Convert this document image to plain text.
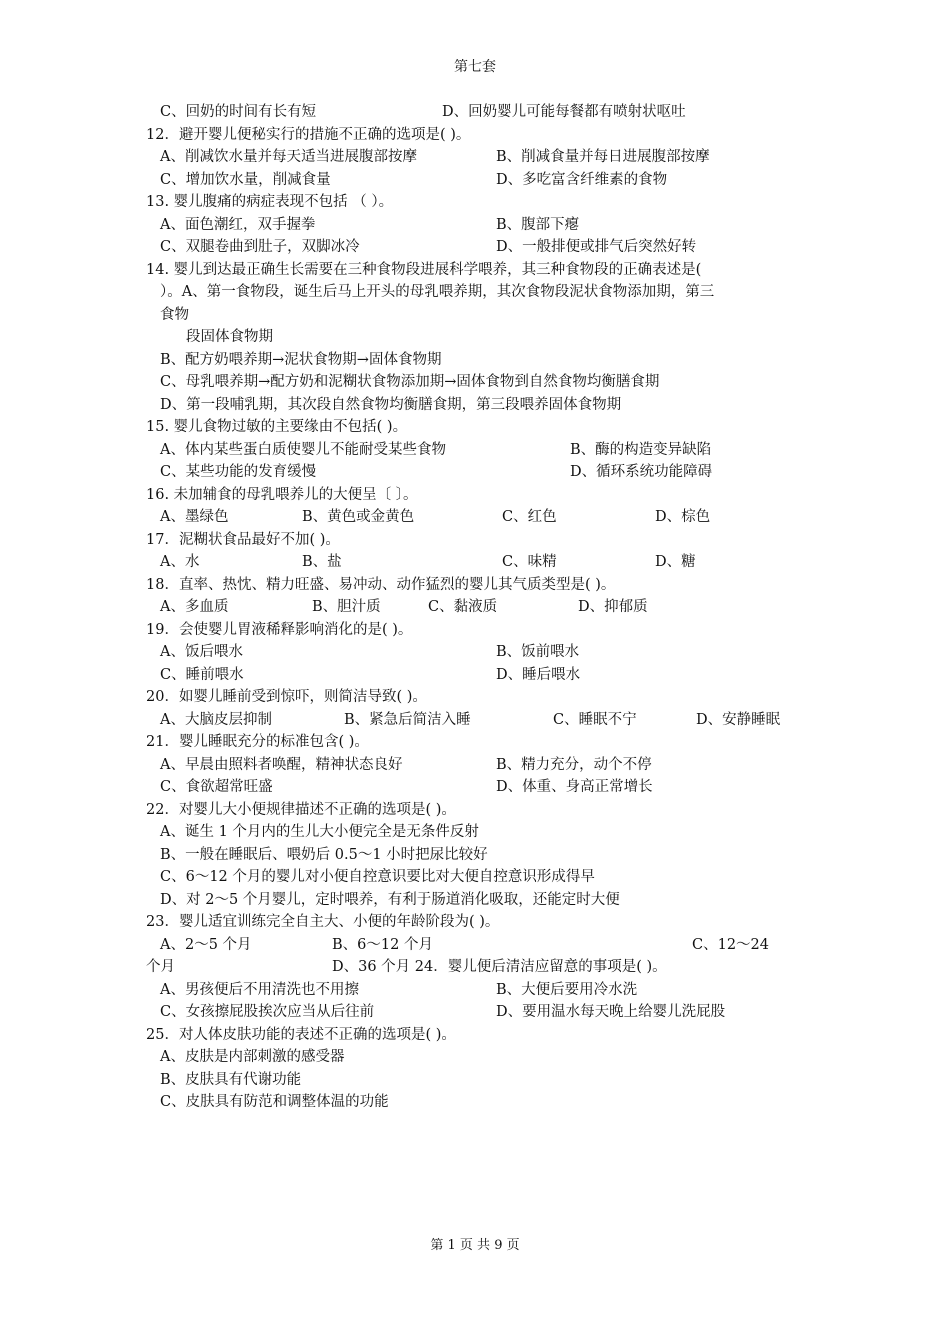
第七套
C、回奶的时间有长有短	D、回奶婴儿可能每餐都有喷射状呕吐
12．避开婴儿便秘实行的措施不正确的选项是( )。
A、削减饮水量并每天适当进展腹部按摩	B、削减食量并每日进展腹部按摩
C、增加饮水量，削减食量	D、多吃富含纤维素的食物
13. 婴儿腹痛的病症表现不包括 （ ）。
A、面色潮红，双手握拳	B、腹部下瘪
C、双腿卷曲到肚子，双脚冰冷	D、一般排便或排气后突然好转
14. 婴儿到达最正确生长需要在三种食物段进展科学喂养，其三种食物段的正确表述是(
）。A、第一食物段，诞生后马上开头的母乳喂养期，其次食物段泥状食物添加期，第三
食物
段固体食物期
B、配方奶喂养期→泥状食物期→固体食物期
C、母乳喂养期→配方奶和泥糊状食物添加期→固体食物到自然食物均衡膳食期
D、第一段哺乳期，其次段自然食物均衡膳食期，第三段喂养固体食物期
15. 婴儿食物过敏的主要缘由不包括( )。
A、体内某些蛋白质使婴儿不能耐受某些食物	B、酶的构造变异缺陷
C、某些功能的发育缓慢	D、循环系统功能障碍
16. 未加辅食的母乳喂养儿的大便呈〔 〕。
A、墨绿色	B、黄色或金黄色	C、红色	D、棕色
17．泥糊状食品最好不加( )。
A、水	B、盐	C、味精	D、糖
18．直率、热忱、精力旺盛、易冲动、动作猛烈的婴儿其气质类型是( )。
A、多血质	B、胆汁质	C、黏液质	D、抑郁质
19．会使婴儿胃液稀释影响消化的是( )。
A、饭后喂水	B、饭前喂水
C、睡前喂水	D、睡后喂水
20．如婴儿睡前受到惊吓，则简洁导致( )。
A、大脑皮层抑制	B、紧急后简洁入睡	C、睡眠不宁	D、安静睡眠
21．婴儿睡眠充分的标准包含( )。
A、早晨由照料者唤醒，精神状态良好	B、精力充分，动个不停
C、食欲超常旺盛	D、体重、身高正常增长
22．对婴儿大小便规律描述不正确的选项是( )。
A、诞生 1 个月内的生儿大小便完全是无条件反射
B、一般在睡眠后、喂奶后 0.5～1 小时把尿比较好
C、6～12 个月的婴儿对小便自控意识要比对大便自控意识形成得早
D、对 2～5 个月婴儿，定时喂养，有利于肠道消化吸取，还能定时大便
23．婴儿适宜训练完全自主大、小便的年龄阶段为( )。
A、2～5 个月	B、6～12 个月	C、12～24
个月	D、36 个月 24．婴儿便后清洁应留意的事项是( )。
A、男孩便后不用清洗也不用擦	B、大便后要用冷水洗
C、女孩擦屁股挨次应当从后往前	D、要用温水每天晚上给婴儿洗屁股
25．对人体皮肤功能的表述不正确的选项是( )。
A、皮肤是内部刺激的感受器
B、皮肤具有代谢功能
C、皮肤具有防范和调整体温的功能
第 1 页 共 9 页
